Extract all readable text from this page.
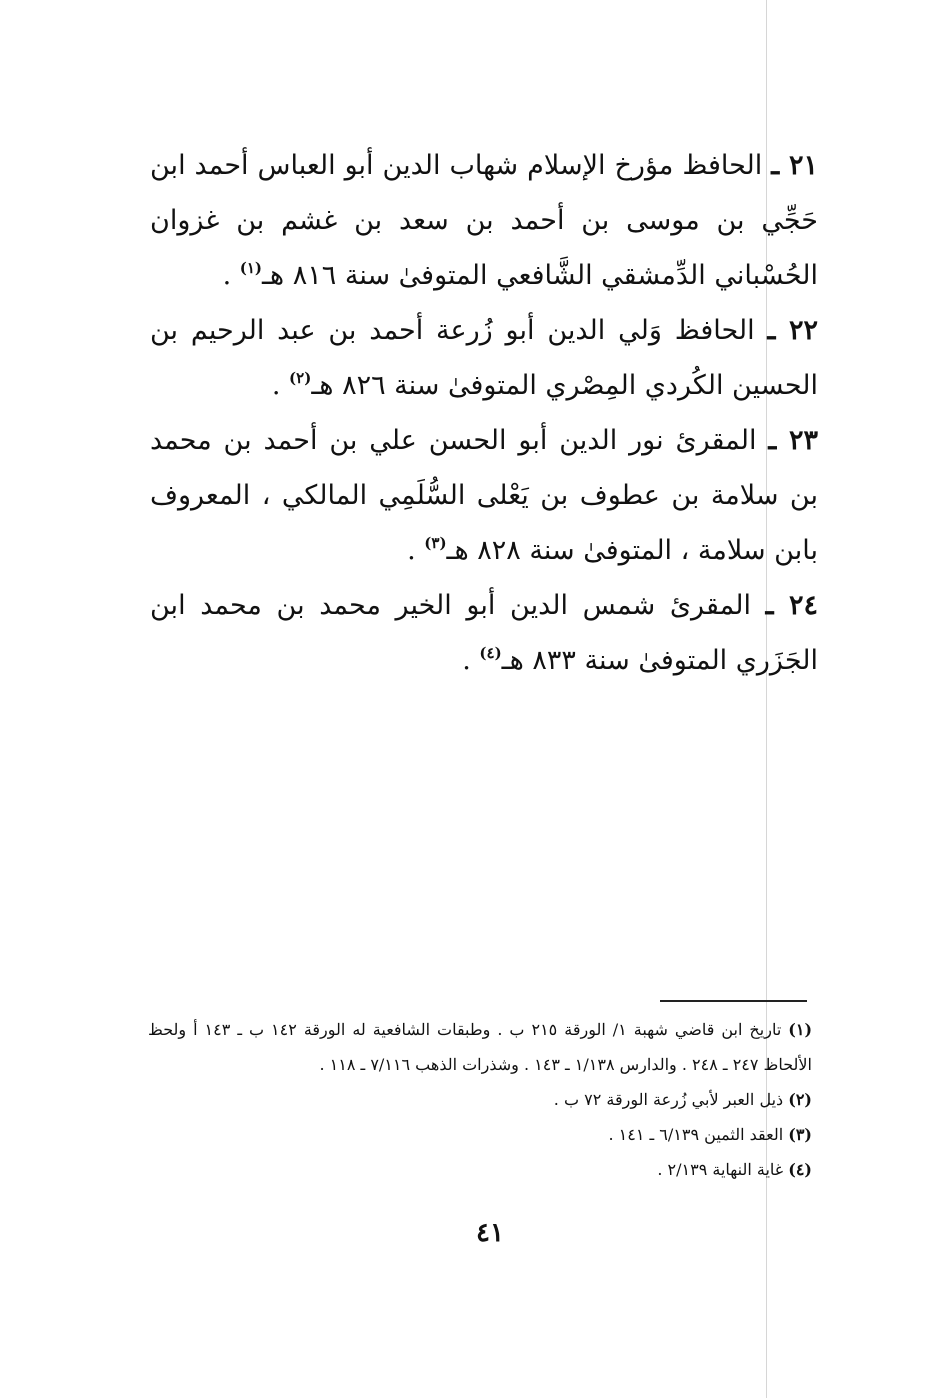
٢١ ـ الحافظ مؤرخ الإسلام شهاب الدين أبو العباس أحمد ابن حَجِّي بن موسى بن أحمد بن سعد بن غشم بن غزوان الحُسْباني الدِّمشقي الشَّافعي المتوفىٰ سنة ٨١٦ هـ$^{(١)}$ .

٢٢ ـ الحافظ وَلي الدين أبو زُرعة أحمد بن عبد الرحيم بن الحسين الكُردي المِصْري المتوفىٰ سنة ٨٢٦ هـ$^{(٢)}$ .

٢٣ ـ المقرئ نور الدين أبو الحسن علي بن أحمد بن محمد بن سلامة بن عطوف بن يَعْلى السُّلَمِي المالكي ، المعروف بابن سلامة ، المتوفىٰ سنة ٨٢٨ هـ$^{(٣)}$ .

٢٤ ـ المقرئ شمس الدين أبو الخير محمد بن محمد ابن الجَزَري المتوفىٰ سنة ٨٣٣ هـ$^{(٤)}$ .

(١) تاريخ ابن قاضي شهبة ١/ الورقة ٢١٥ ب . وطبقات الشافعية له الورقة ١٤٢ ب ـ ١٤٣ أ ولحظ الألحاظ ٢٤٧ ـ ٢٤٨ . والدارس ١/١٣٨ ـ ١٤٣ . وشذرات الذهب ٧/١١٦ ـ ١١٨ .

(٢) ذيل العبر لأبي زُرعة الورقة ٧٢ ب .

(٣) العقد الثمين ٦/١٣٩ ـ ١٤١ .

(٤) غاية النهاية ٢/١٣٩ .

٤١
